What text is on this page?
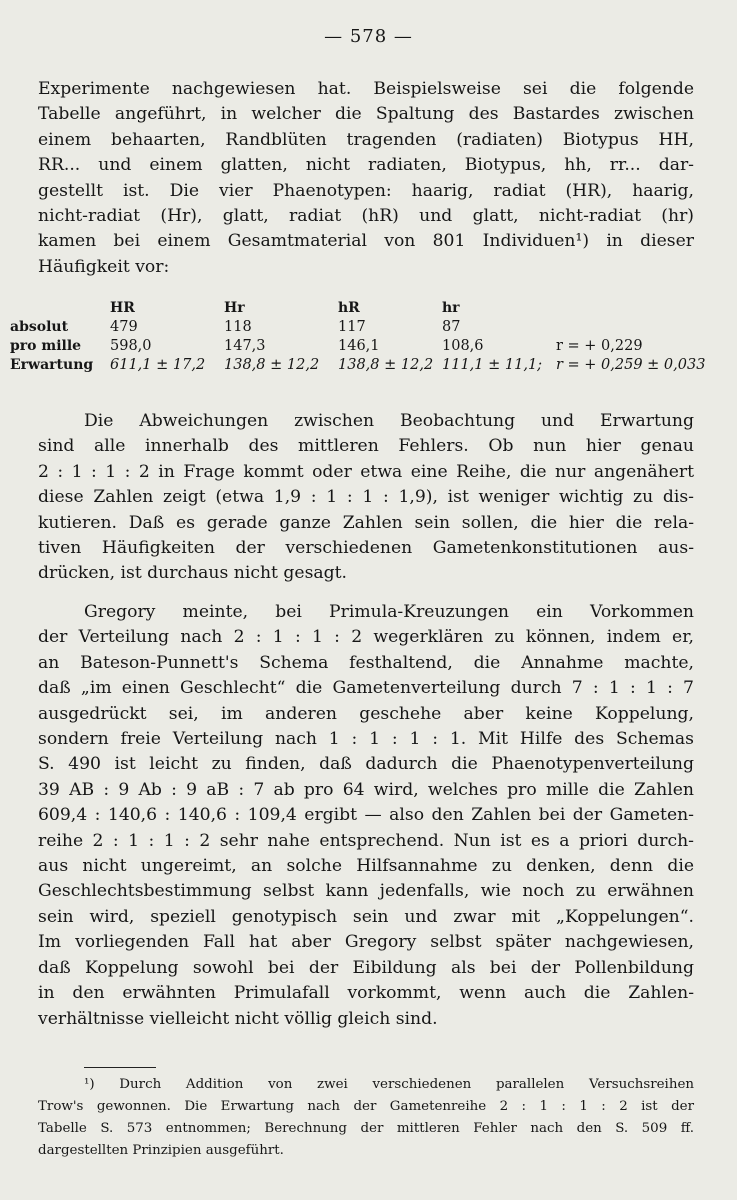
— 578 —
Experimente nachgewiesen hat. Beispielsweise sei die folgende
Tabelle angeführt, in welcher die Spaltung des Bastardes zwischen
einem behaarten, Randblüten tragenden (radiaten) Biotypus HH,
RR... und einem glatten, nicht radiaten, Biotypus, hh, rr... dar-
gestellt ist. Die vier Phaenotypen: haarig, radiat (HR), haarig,
nicht-radiat (Hr), glatt, radiat (hR) und glatt, nicht-radiat (hr)
kamen bei einem Gesamtmaterial von 801 Individuen¹) in dieser
Häufigkeit vor:
	HR	Hr	hR	hr	
absolut	479	118	117	87	
pro mille	598,0	147,3	146,1	108,6	r = + 0,229
Erwartung	611,1 ± 17,2	138,8 ± 12,2	138,8 ± 12,2	111,1 ± 11,1;	r = + 0,259 ± 0,033
Die Abweichungen zwischen Beobachtung und Erwartung
sind alle innerhalb des mittleren Fehlers. Ob nun hier genau
2 : 1 : 1 : 2 in Frage kommt oder etwa eine Reihe, die nur angenähert
diese Zahlen zeigt (etwa 1,9 : 1 : 1 : 1,9), ist weniger wichtig zu dis-
kutieren. Daß es gerade ganze Zahlen sein sollen, die hier die rela-
tiven Häufigkeiten der verschiedenen Gametenkonstitutionen aus-
drücken, ist durchaus nicht gesagt.
Gregory meinte, bei Primula-Kreuzungen ein Vorkommen
der Verteilung nach 2 : 1 : 1 : 2 wegerklären zu können, indem er,
an Bateson-Punnett's Schema festhaltend, die Annahme machte,
daß „im einen Geschlecht“ die Gametenverteilung durch 7 : 1 : 1 : 7
ausgedrückt sei, im anderen geschehe aber keine Koppelung,
sondern freie Verteilung nach 1 : 1 : 1 : 1. Mit Hilfe des Schemas
S. 490 ist leicht zu finden, daß dadurch die Phaenotypenverteilung
39 AB : 9 Ab : 9 aB : 7 ab pro 64 wird, welches pro mille die Zahlen
609,4 : 140,6 : 140,6 : 109,4 ergibt — also den Zahlen bei der Gameten-
reihe 2 : 1 : 1 : 2 sehr nahe entsprechend. Nun ist es a priori durch-
aus nicht ungereimt, an solche Hilfsannahme zu denken, denn die
Geschlechtsbestimmung selbst kann jedenfalls, wie noch zu erwähnen
sein wird, speziell genotypisch sein und zwar mit „Koppelungen“.
Im vorliegenden Fall hat aber Gregory selbst später nachgewiesen,
daß Koppelung sowohl bei der Eibildung als bei der Pollenbildung
in den erwähnten Primulafall vorkommt, wenn auch die Zahlen-
verhältnisse vielleicht nicht völlig gleich sind.
¹) Durch Addition von zwei verschiedenen parallelen Versuchsreihen
Trow's gewonnen. Die Erwartung nach der Gametenreihe 2 : 1 : 1 : 2 ist der
Tabelle S. 573 entnommen; Berechnung der mittleren Fehler nach den S. 509 ff.
dargestellten Prinzipien ausgeführt.
